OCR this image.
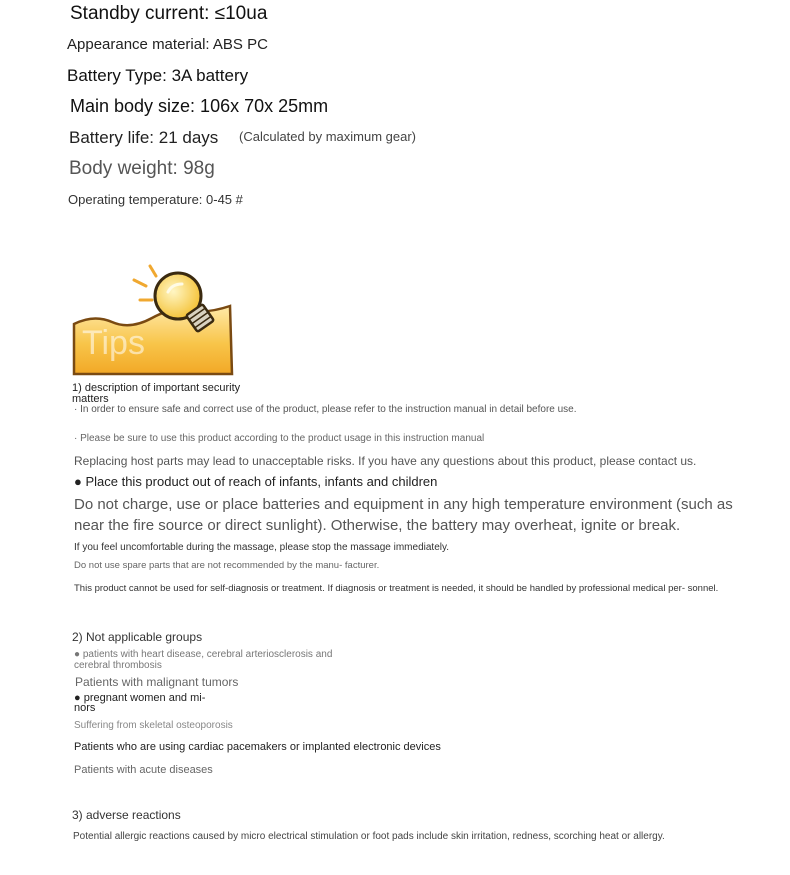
Standby current: ≤10ua
Appearance material: ABS PC
Battery Type: 3A battery
Main body size: 106x 70x 25mm
Battery life: 21 days (Calculated by maximum gear)
Body weight: 98g
Operating temperature: 0-45 #
Tips
1) description of important security matters
· In order to ensure safe and correct use of the product, please refer to the instruction manual in detail before use.
· Please be sure to use this product according to the product usage in this instruction manual
Replacing host parts may lead to unacceptable risks. If you have any questions about this product, please contact us.
● Place this product out of reach of infants, infants and children
Do not charge, use or place batteries and equipment in any high temperature environment (such as near the fire source or direct sunlight). Otherwise, the battery may overheat, ignite or break.
If you feel uncomfortable during the massage, please stop the massage immediately.
Do not use spare parts that are not recommended by the manu- facturer.
This product cannot be used for self-diagnosis or treatment. If diagnosis or treatment is needed, it should be handled by professional medical per- sonnel.
2) Not applicable groups
● patients with heart disease, cerebral arteriosclerosis and cerebral thrombosis
Patients with malignant tumors
● pregnant women and mi- nors
Suffering from skeletal osteoporosis
Patients who are using cardiac pacemakers or implanted electronic devices
Patients with acute diseases
3) adverse reactions
Potential allergic reactions caused by micro electrical stimulation or foot pads include skin irritation, redness, scorching heat or allergy.
